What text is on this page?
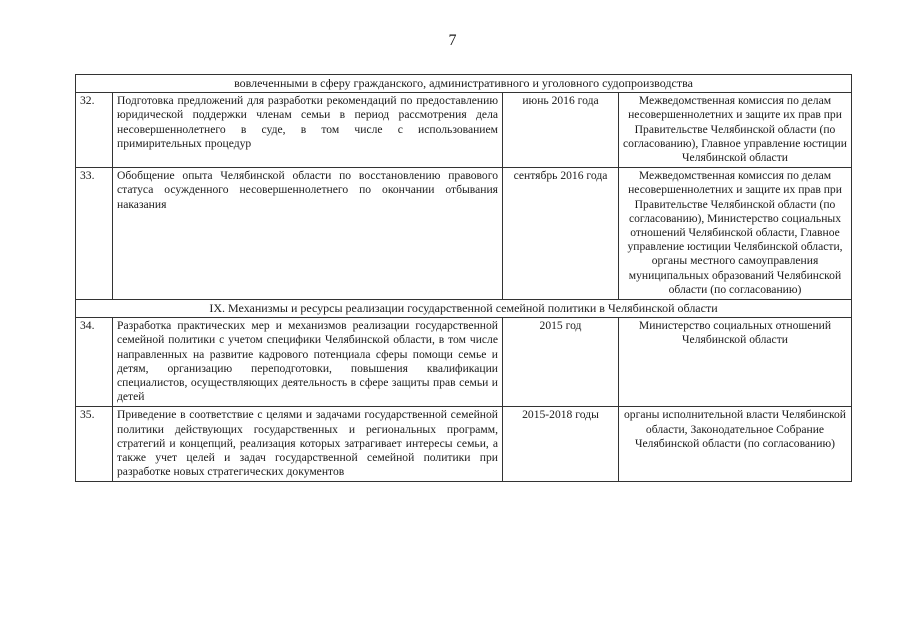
7
вовлеченными в сферу гражданского, административного и уголовного судопроизводства			
32.	Подготовка предложений для разработки рекомендаций по предоставлению юридической поддержки членам семьи в период рассмотрения дела несовершеннолетнего в суде, в том числе с использованием примирительных процедур	июнь 2016 года	Межведомственная комиссия по делам несовершеннолетних и защите их прав при Правительстве Челябинской области (по согласованию), Главное управление юстиции Челябинской области
33.	Обобщение опыта Челябинской области по восстановлению правового статуса осужденного несовершеннолетнего по окончании отбывания наказания	сентябрь 2016 года	Межведомственная комиссия по делам несовершеннолетних и защите их прав при Правительстве Челябинской области (по согласованию), Министерство социальных отношений Челябинской области, Главное управление юстиции Челябинской области, органы местного самоуправления муниципальных образований Челябинской области (по согласованию)
IX. Механизмы и ресурсы реализации государственной семейной политики в Челябинской области			
34.	Разработка практических мер и механизмов реализации государственной семейной политики с учетом специфики Челябинской области, в том числе направленных на развитие кадрового потенциала сферы помощи семье и детям, организацию переподготовки, повышения квалификации специалистов, осуществляющих деятельность в сфере защиты прав семьи и детей	2015 год	Министерство социальных отношений Челябинской области
35.	Приведение в соответствие с целями и задачами государственной семейной политики действующих государственных и региональных программ, стратегий и концепций, реализация которых затрагивает интересы семьи, а также учет целей и задач государственной семейной политики при разработке новых стратегических документов	2015-2018 годы	органы исполнительной власти Челябинской области, Законодательное Собрание Челябинской области (по согласованию)
